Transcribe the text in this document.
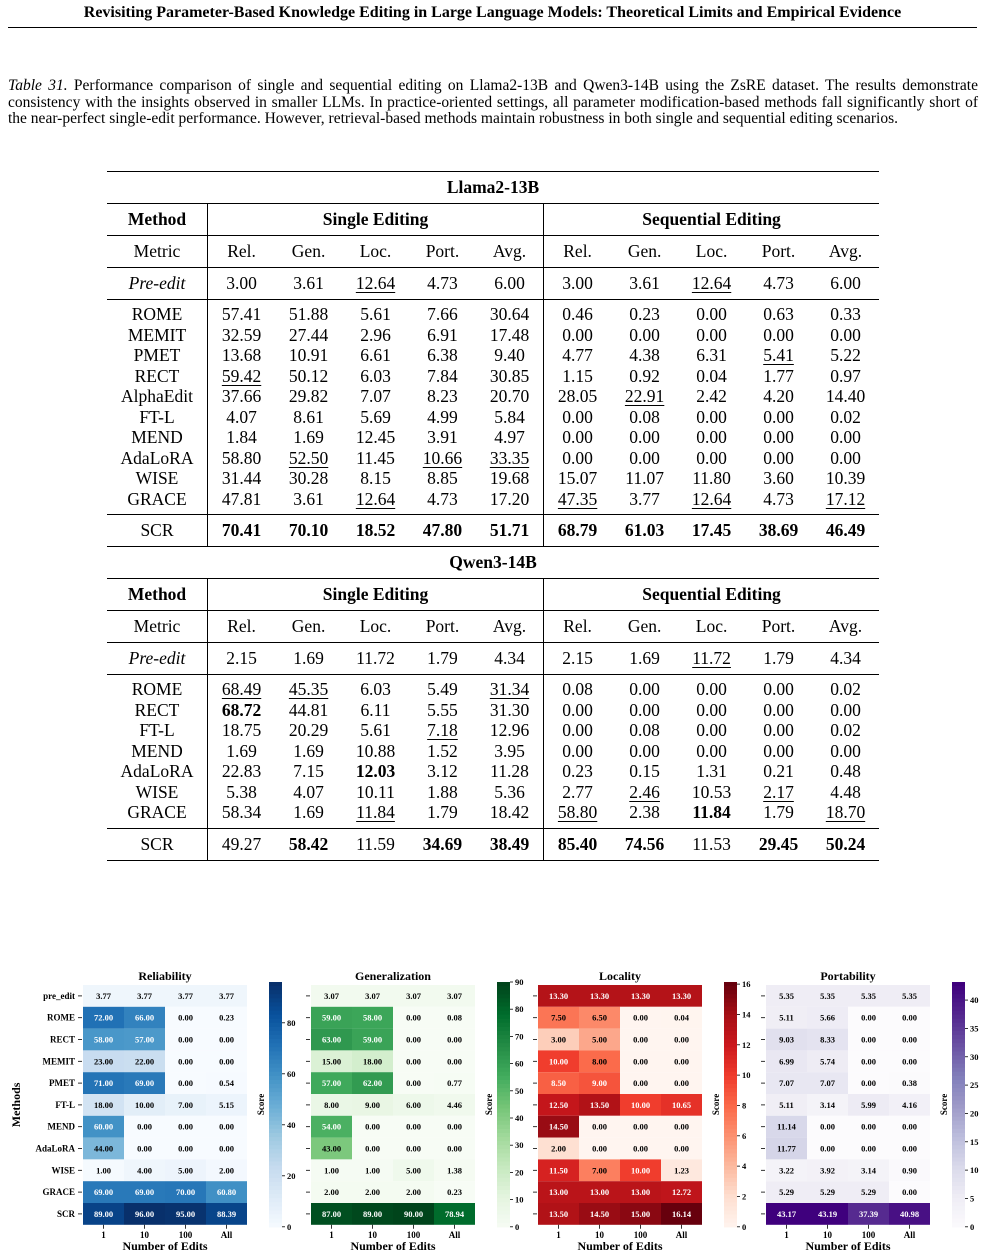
Revisiting Parameter-Based Knowledge Editing in Large Language Models: Theoretical Limits and Empirical Evidence
Table 31. Performance comparison of single and sequential editing on Llama2-13B and Qwen3-14B using the ZsRE dataset. The results demonstrate consistency with the insights observed in smaller LLMs. In practice-oriented settings, all parameter modification-based methods fall significantly short of the near-perfect single-edit performance. However, retrieval-based methods maintain robustness in both single and sequential editing scenarios.
Llama2-13B										
Method	Single Editing					Sequential Editing				
Metric	Rel.	Gen.	Loc.	Port.	Avg.	Rel.	Gen.	Loc.	Port.	Avg.
Pre-edit	3.00	3.61	12.64	4.73	6.00	3.00	3.61	12.64	4.73	6.00
ROME	57.41	51.88	5.61	7.66	30.64	0.46	0.23	0.00	0.63	0.33
MEMIT	32.59	27.44	2.96	6.91	17.48	0.00	0.00	0.00	0.00	0.00
PMET	13.68	10.91	6.61	6.38	9.40	4.77	4.38	6.31	5.41	5.22
RECT	59.42	50.12	6.03	7.84	30.85	1.15	0.92	0.04	1.77	0.97
AlphaEdit	37.66	29.82	7.07	8.23	20.70	28.05	22.91	2.42	4.20	14.40
FT-L	4.07	8.61	5.69	4.99	5.84	0.00	0.08	0.00	0.00	0.02
MEND	1.84	1.69	12.45	3.91	4.97	0.00	0.00	0.00	0.00	0.00
AdaLoRA	58.80	52.50	11.45	10.66	33.35	0.00	0.00	0.00	0.00	0.00
WISE	31.44	30.28	8.15	8.85	19.68	15.07	11.07	11.80	3.60	10.39
GRACE	47.81	3.61	12.64	4.73	17.20	47.35	3.77	12.64	4.73	17.12
SCR	70.41	70.10	18.52	47.80	51.71	68.79	61.03	17.45	38.69	46.49
Qwen3-14B										
Method	Single Editing					Sequential Editing				
Metric	Rel.	Gen.	Loc.	Port.	Avg.	Rel.	Gen.	Loc.	Port.	Avg.
Pre-edit	2.15	1.69	11.72	1.79	4.34	2.15	1.69	11.72	1.79	4.34
ROME	68.49	45.35	6.03	5.49	31.34	0.08	0.00	0.00	0.00	0.02
RECT	68.72	44.81	6.11	5.55	31.30	0.00	0.00	0.00	0.00	0.00
FT-L	18.75	20.29	5.61	7.18	12.96	0.00	0.08	0.00	0.00	0.02
MEND	1.69	1.69	10.88	1.52	3.95	0.00	0.00	0.00	0.00	0.00
AdaLoRA	22.83	7.15	12.03	3.12	11.28	0.23	0.15	1.31	0.21	0.48
WISE	5.38	4.07	10.11	1.88	5.36	2.77	2.46	10.53	2.17	4.48
GRACE	58.34	1.69	11.84	1.79	18.42	58.80	2.38	11.84	1.79	18.70
SCR	49.27	58.42	11.59	34.69	38.49	85.40	74.56	11.53	29.45	50.24
Methods
Reliability
pre_edit 3.77	3.77	3.77	3.77
ROME 72.00	66.00	0.00	0.23
RECT 58.00	57.00	0.00	0.00
MEMIT 23.00	22.00	0.00	0.00
PMET 71.00	69.00	0.00	0.54
FT-L 18.00	10.00	7.00	5.15
MEND 60.00	0.00	0.00	0.00
AdaLoRA 44.00	0.00	0.00	0.00
WISE 1.00	4.00	5.00	2.00
GRACE 69.00	69.00	70.00	60.80
SCR 89.00	96.00	95.00	88.39
1	10	100	All
Number of Edits
0
20
40
60
80
Score
Generalization
3.07	3.07	3.07	3.07
59.00	58.00	0.00	0.08
63.00	59.00	0.00	0.00
15.00	18.00	0.00	0.00
57.00	62.00	0.00	0.77
8.00	9.00	6.00	4.46
54.00	0.00	0.00	0.00
43.00	0.00	0.00	0.00
1.00	1.00	5.00	1.38
2.00	2.00	2.00	0.23
87.00	89.00	90.00	78.94
1	10	100	All
Number of Edits
0
10
20
30
40
50
60
70
80
90
Score
Locality
13.30	13.30	13.30	13.30
7.50	6.50	0.00	0.04
3.00	5.00	0.00	0.00
10.00	8.00	0.00	0.00
8.50	9.00	0.00	0.00
12.50	13.50	10.00	10.65
14.50	0.00	0.00	0.00
2.00	0.00	0.00	0.00
11.50	7.00	10.00	1.23
13.00	13.00	13.00	12.72
13.50	14.50	15.00	16.14
1	10	100	All
Number of Edits
0
2
4
6
8
10
12
14
16
Score
Portability
5.35	5.35	5.35	5.35
5.11	5.66	0.00	0.00
9.03	8.33	0.00	0.00
6.99	5.74	0.00	0.00
7.07	7.07	0.00	0.38
5.11	3.14	5.99	4.16
11.14	0.00	0.00	0.00
11.77	0.00	0.00	0.00
3.22	3.92	3.14	0.90
5.29	5.29	5.29	0.00
43.17	43.19	37.39	40.98
1	10	100	All
Number of Edits
0
5
10
15
20
25
30
35
40
Score
